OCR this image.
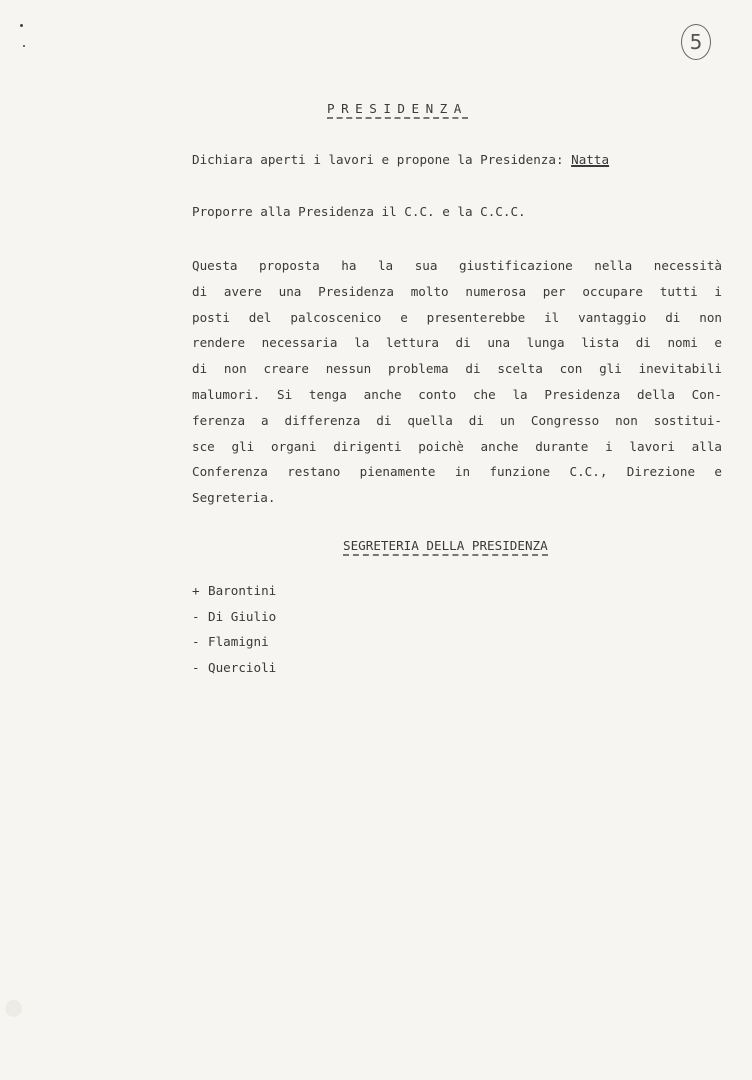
5
PRESIDENZA
Dichiara aperti i lavori e propone la Presidenza: Natta
Proporre alla Presidenza il C.C. e la C.C.C.
Questa proposta ha la sua giustificazione nella necessità
di avere una Presidenza molto numerosa per occupare tutti i
posti del palcoscenico e presenterebbe il vantaggio di non
rendere necessaria la lettura di una lunga lista di nomi e
di non creare nessun problema di scelta con gli inevitabili
malumori. Si tenga anche conto che la Presidenza della Con-
ferenza a differenza di quella di un Congresso non sostitui-
sce gli organi dirigenti poichè anche durante i lavori alla
Conferenza restano pienamente in funzione C.C., Direzione e
Segreteria.
SEGRETERIA DELLA PRESIDENZA
+ Barontini
- Di Giulio
- Flamigni
- Quercioli
●
